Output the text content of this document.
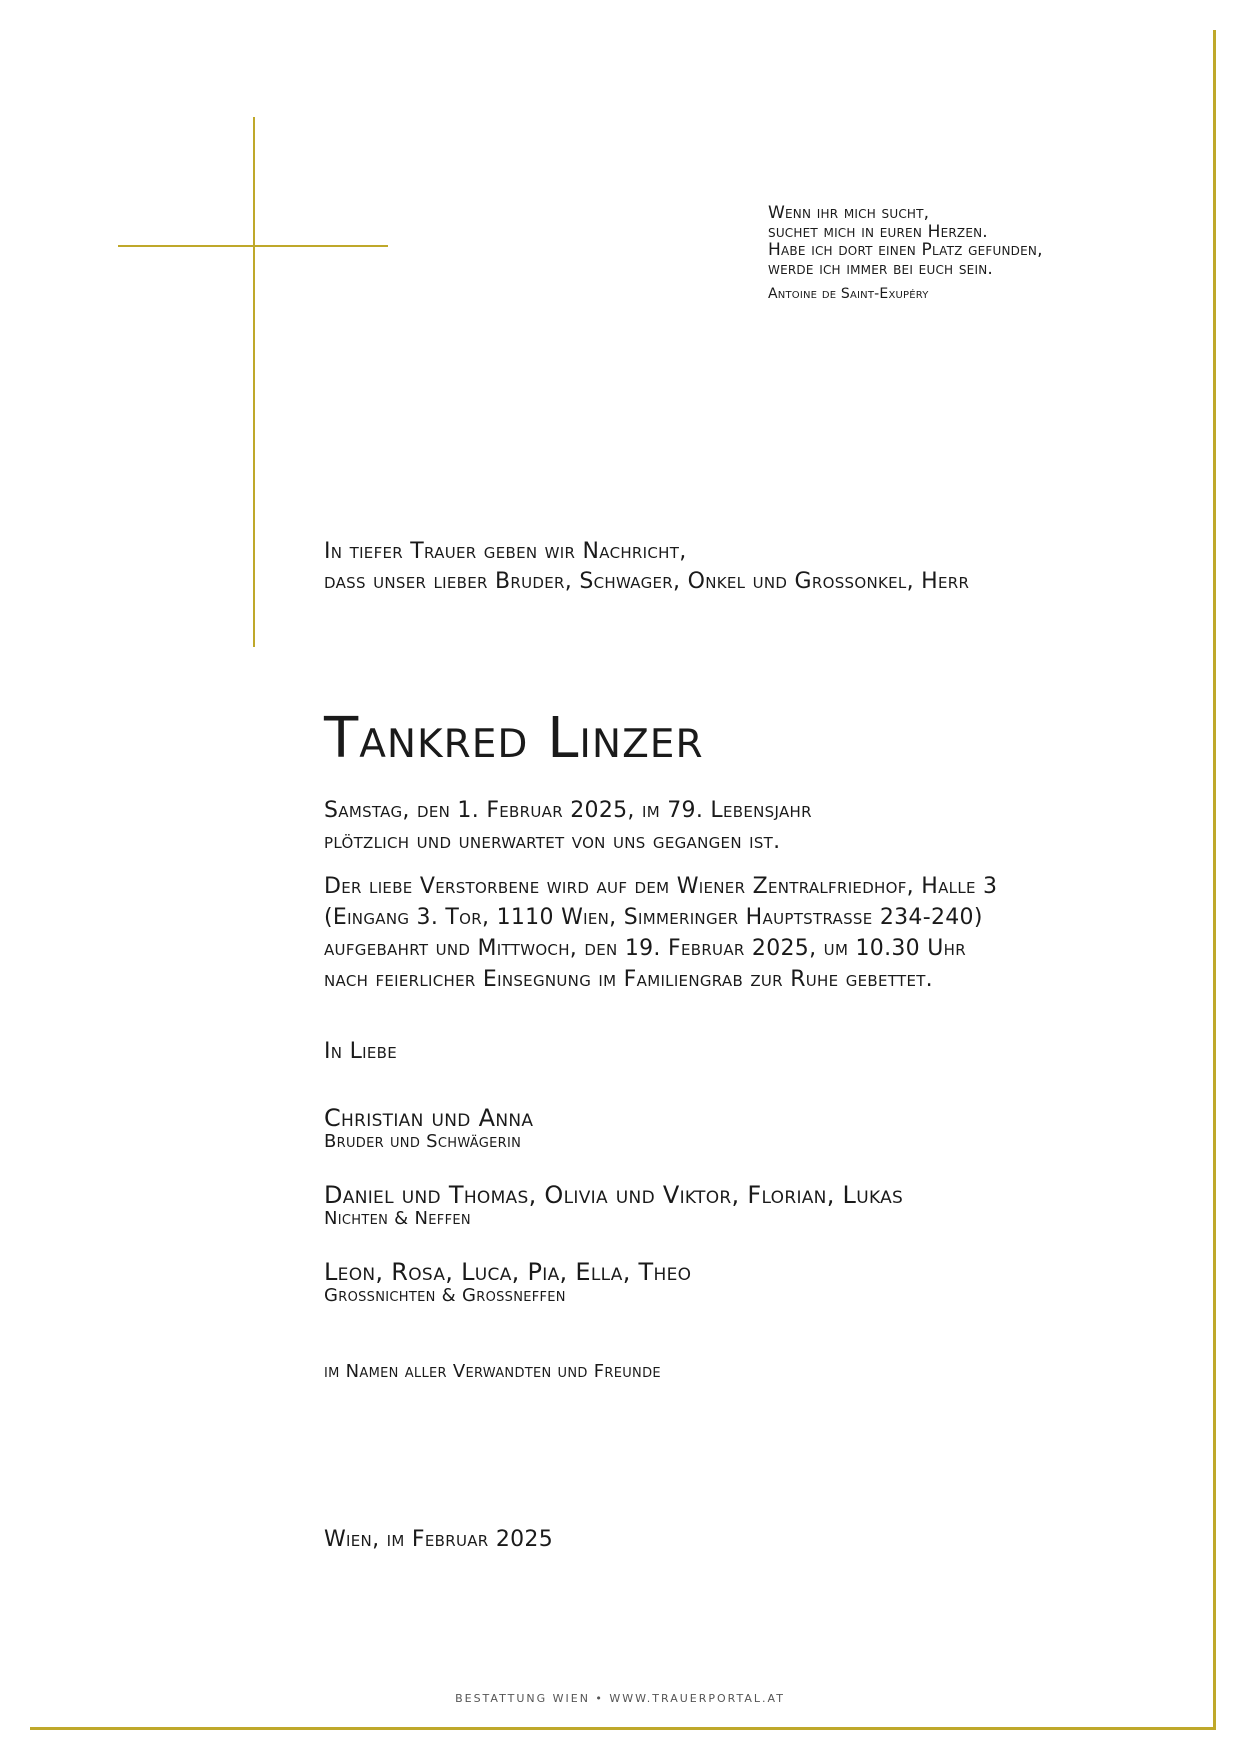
Wenn ihr mich sucht,
suchet mich in euren Herzen.
Habe ich dort einen Platz gefunden,
werde ich immer bei euch sein.
Antoine de Saint-Exupéry
In tiefer Trauer geben wir Nachricht,
dass unser lieber Bruder, Schwager, Onkel und Grossonkel, Herr
Tankred Linzer
Samstag, den 1. Februar 2025, im 79. Lebensjahr
plötzlich und unerwartet von uns gegangen ist.
Der liebe Verstorbene wird auf dem Wiener Zentralfriedhof, Halle 3
(Eingang 3. Tor, 1110 Wien, Simmeringer Hauptstrasse 234-240)
aufgebahrt und Mittwoch, den 19. Februar 2025, um 10.30 Uhr
nach feierlicher Einsegnung im Familiengrab zur Ruhe gebettet.
In Liebe
Christian und Anna
Bruder und Schwägerin
Daniel und Thomas, Olivia und Viktor, Florian, Lukas
Nichten & Neffen
Leon, Rosa, Luca, Pia, Ella, Theo
Grossnichten & Grossneffen
im Namen aller Verwandten und Freunde
Wien, im Februar 2025
BESTATTUNG WIEN • WWW.TRAUERPORTAL.AT
